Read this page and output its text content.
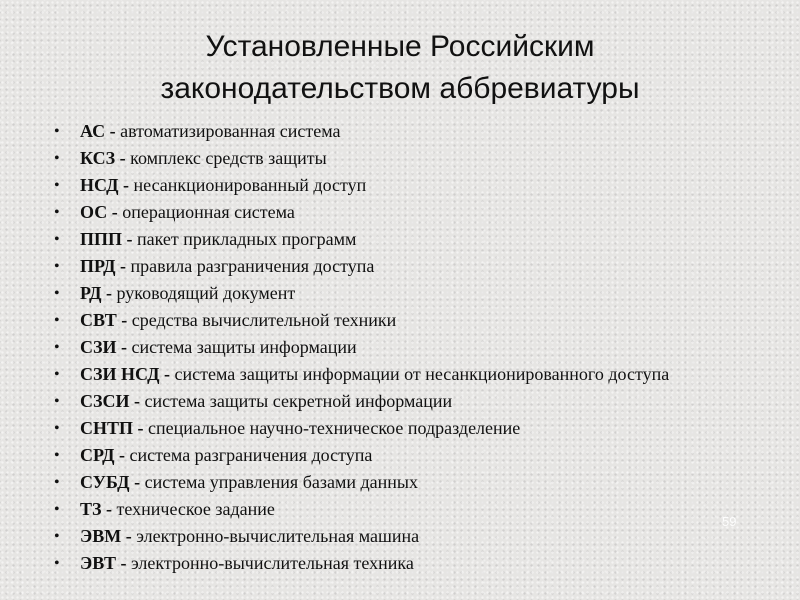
Установленные Российским
законодательством аббревиатуры
• АС - автоматизированная система
• КСЗ - комплекс средств защиты
• НСД - несанкционированный доступ
• ОС - операционная система
• ППП - пакет прикладных программ
• ПРД - правила разграничения доступа
• РД - руководящий документ
• СВТ - средства вычислительной техники
• СЗИ - система защиты информации
• СЗИ НСД - система защиты информации от несанкционированного доступа
• СЗСИ - система защиты секретной информации
• СНТП - специальное научно-техническое подразделение
• СРД - система разграничения доступа
• СУБД - система управления базами данных
• ТЗ - техническое задание
• ЭВМ - электронно-вычислительная машина
• ЭВТ - электронно-вычислительная техника
59
